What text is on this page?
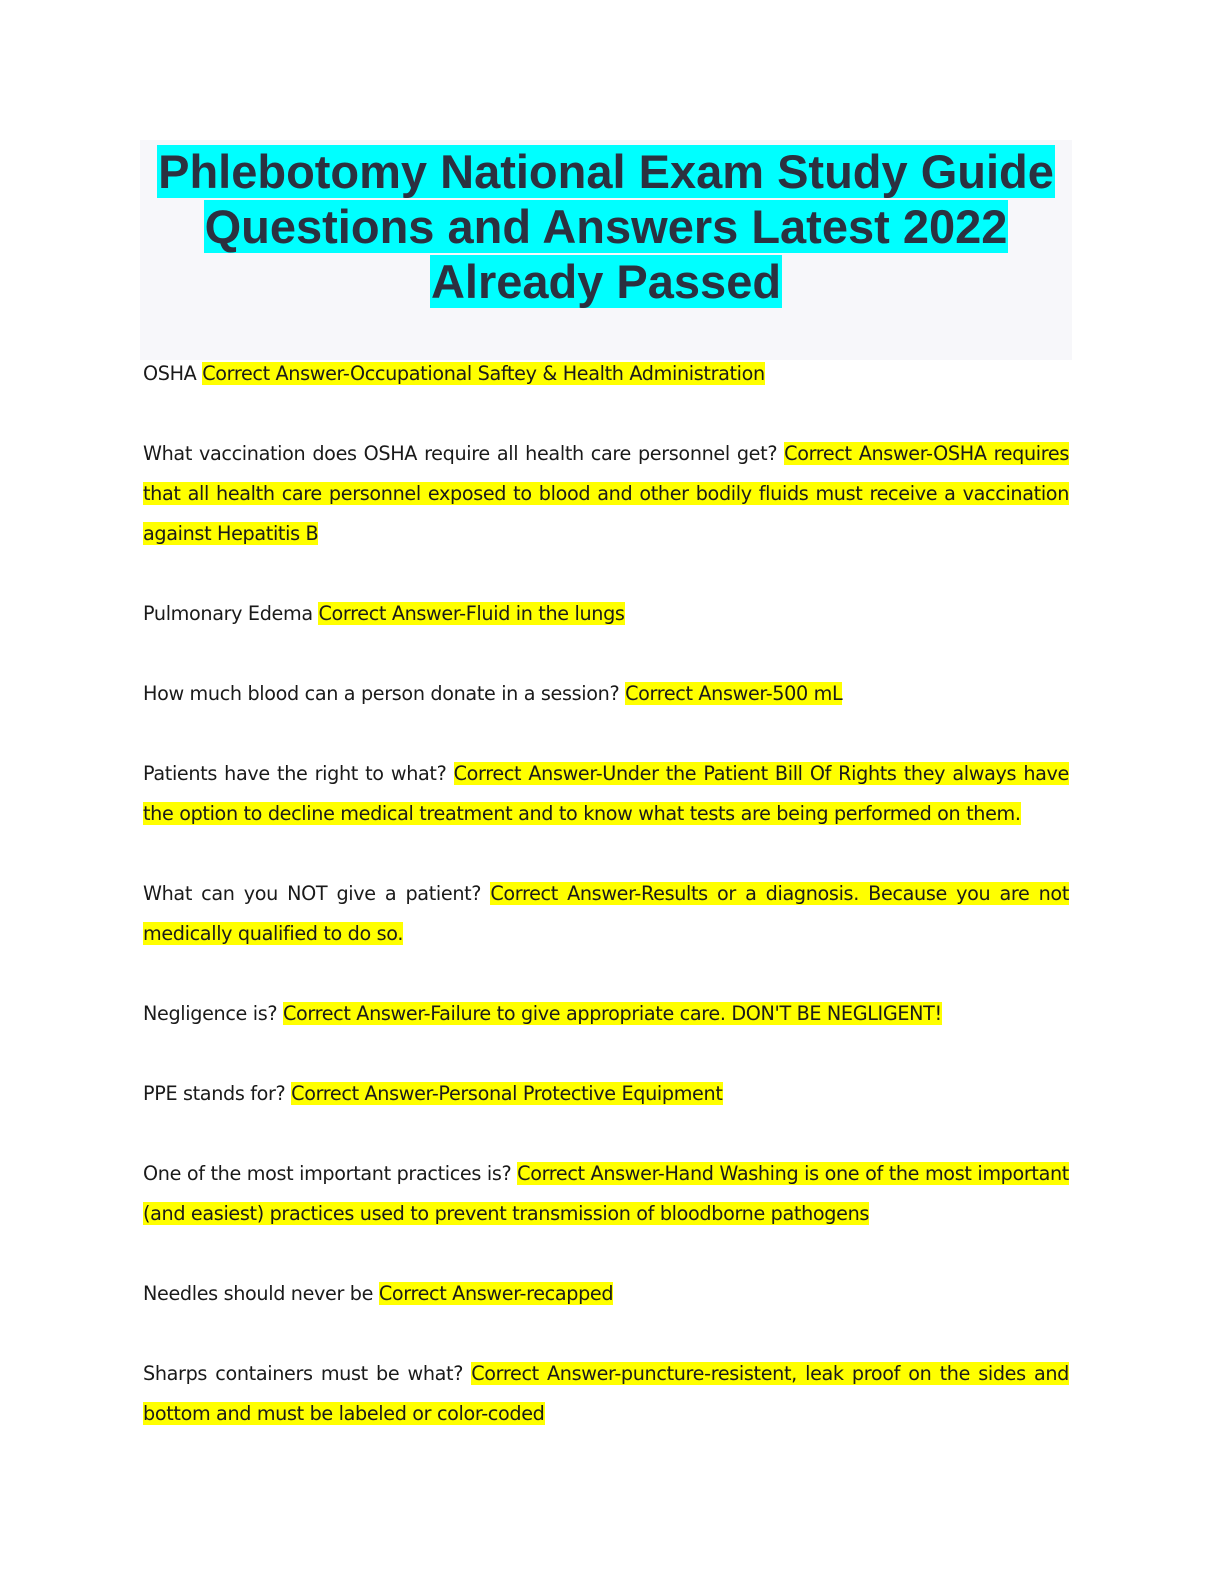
Phlebotomy National Exam Study Guide
Questions and Answers Latest 2022
Already Passed

OSHA Correct Answer-Occupational Saftey & Health Administration

What vaccination does OSHA require all health care personnel get? Correct Answer-OSHA requires that all health care personnel exposed to blood and other bodily fluids must receive a vaccination against Hepatitis B

Pulmonary Edema Correct Answer-Fluid in the lungs

How much blood can a person donate in a session? Correct Answer-500 mL

Patients have the right to what? Correct Answer-Under the Patient Bill Of Rights they always have the option to decline medical treatment and to know what tests are being performed on them.

What can you NOT give a patient? Correct Answer-Results or a diagnosis. Because you are not medically qualified to do so.

Negligence is? Correct Answer-Failure to give appropriate care. DON'T BE NEGLIGENT!

PPE stands for? Correct Answer-Personal Protective Equipment

One of the most important practices is? Correct Answer-Hand Washing is one of the most important (and easiest) practices used to prevent transmission of bloodborne pathogens

Needles should never be Correct Answer-recapped

Sharps containers must be what? Correct Answer-puncture-resistent, leak proof on the sides and bottom and must be labeled or color-coded
